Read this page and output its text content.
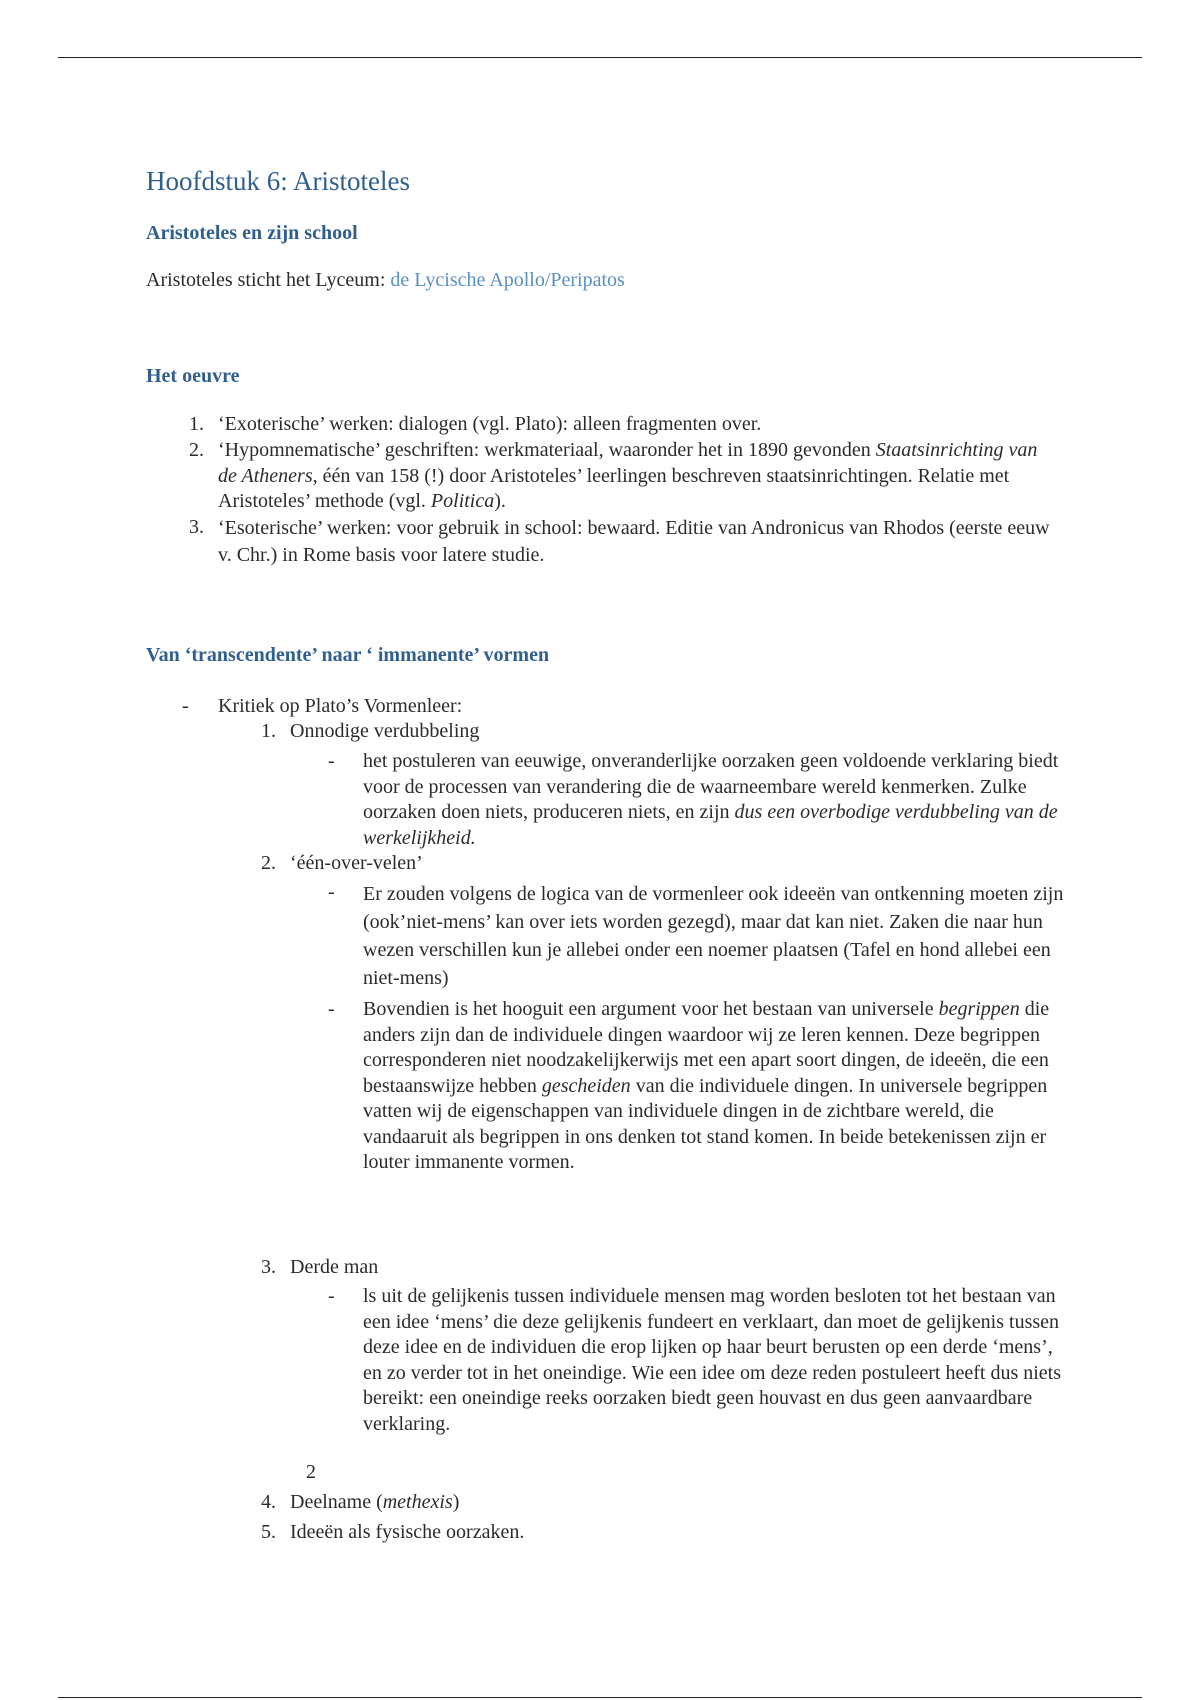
Hoofdstuk 6: Aristoteles
Aristoteles en zijn school
Aristoteles sticht het Lyceum: de Lycische Apollo/Peripatos
Het oeuvre
1. ‘Exoterische’ werken: dialogen (vgl. Plato): alleen fragmenten over.
2. ‘Hypomnematische’ geschriften: werkmateriaal, waaronder het in 1890 gevonden Staatsinrichting van de Atheners, één van 158 (!) door Aristoteles’ leerlingen beschreven staatsinrichtingen. Relatie met Aristoteles’ methode (vgl. Politica).
3. ‘Esoterische’ werken: voor gebruik in school: bewaard. Editie van Andronicus van Rhodos (eerste eeuw v. Chr.) in Rome basis voor latere studie.
Van ‘transcendente’ naar ‘ immanente’ vormen
- Kritiek op Plato’s Vormenleer:
1. Onnodige verdubbeling
- het postuleren van eeuwige, onveranderlijke oorzaken geen voldoende verklaring biedt voor de processen van verandering die de waarneembare wereld kenmerken. Zulke oorzaken doen niets, produceren niets, en zijn dus een overbodige verdubbeling van de werkelijkheid.
2. ‘één-over-velen’
- Er zouden volgens de logica van de vormenleer ook ideeën van ontkenning moeten zijn (ook’niet-mens’ kan over iets worden gezegd), maar dat kan niet. Zaken die naar hun wezen verschillen kun je allebei onder een noemer plaatsen (Tafel en hond allebei een niet-mens)
- Bovendien is het hooguit een argument voor het bestaan van universele begrippen die anders zijn dan de individuele dingen waardoor wij ze leren kennen. Deze begrippen corresponderen niet noodzakelijkerwijs met een apart soort dingen, de ideeën, die een bestaanswijze hebben gescheiden van die individuele dingen. In universele begrippen vatten wij de eigenschappen van individuele dingen in de zichtbare wereld, die vandaaruit als begrippen in ons denken tot stand komen. In beide betekenissen zijn er louter immanente vormen.
3. Derde man
- ls uit de gelijkenis tussen individuele mensen mag worden besloten tot het bestaan van een idee ‘mens’ die deze gelijkenis fundeert en verklaart, dan moet de gelijkenis tussen deze idee en de individuen die erop lijken op haar beurt berusten op een derde ‘mens’, en zo verder tot in het oneindige. Wie een idee om deze reden postuleert heeft dus niets bereikt: een oneindige reeks oorzaken biedt geen houvast en dus geen aanvaardbare verklaring.
2
4. Deelname (methexis)
5. Ideeën als fysische oorzaken.
